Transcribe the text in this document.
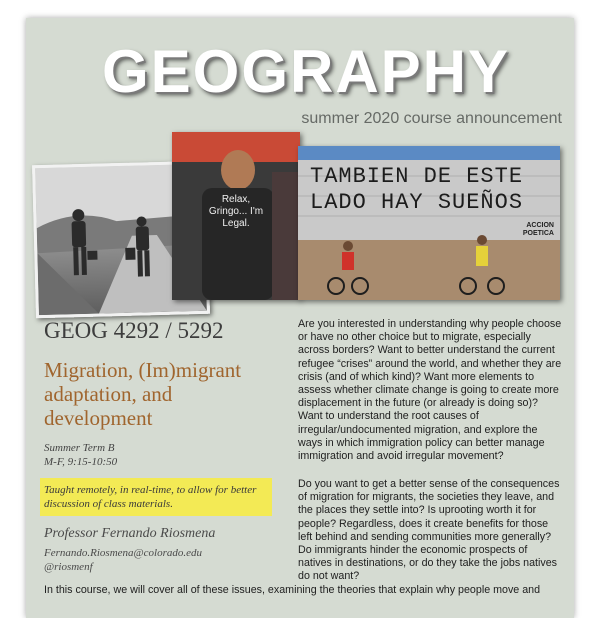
GEOGRAPHY
summer 2020 course announcement
Relax, Gringo... I'm Legal.
TAMBIEN DE ESTE
LADO HAY SUEÑOS
ACCION POETICA
GEOG 4292 / 5292
Migration, (Im)migrant adaptation, and development
Summer Term B
M-F, 9:15-10:50
Taught remotely, in real-time, to allow for better discussion of class materials.
Professor Fernando Riosmena
Fernando.Riosmena@colorado.edu
@riosmenf
Are you interested in understanding why people choose or have no other choice but to migrate, especially across borders? Want to better understand the current refugee “crises” around the world, and whether they are crisis (and of which kind)? Want more elements to assess whether climate change is going to create more displacement in the future (or already is doing so)? Want to understand the root causes of irregular/undocumented migration, and explore the ways in which immigration policy can better manage immigration and avoid irregular movement?
Do you want to get a better sense of the consequences of migration for migrants, the societies they leave, and the places they settle into? Is uprooting worth it for people? Regardless, does it create benefits for those left behind and sending communities more generally? Do immigrants hinder the economic prospects of natives in destinations, or do they take the jobs natives do not want?
In this course, we will cover all of these issues, examining the theories that explain why people move and
